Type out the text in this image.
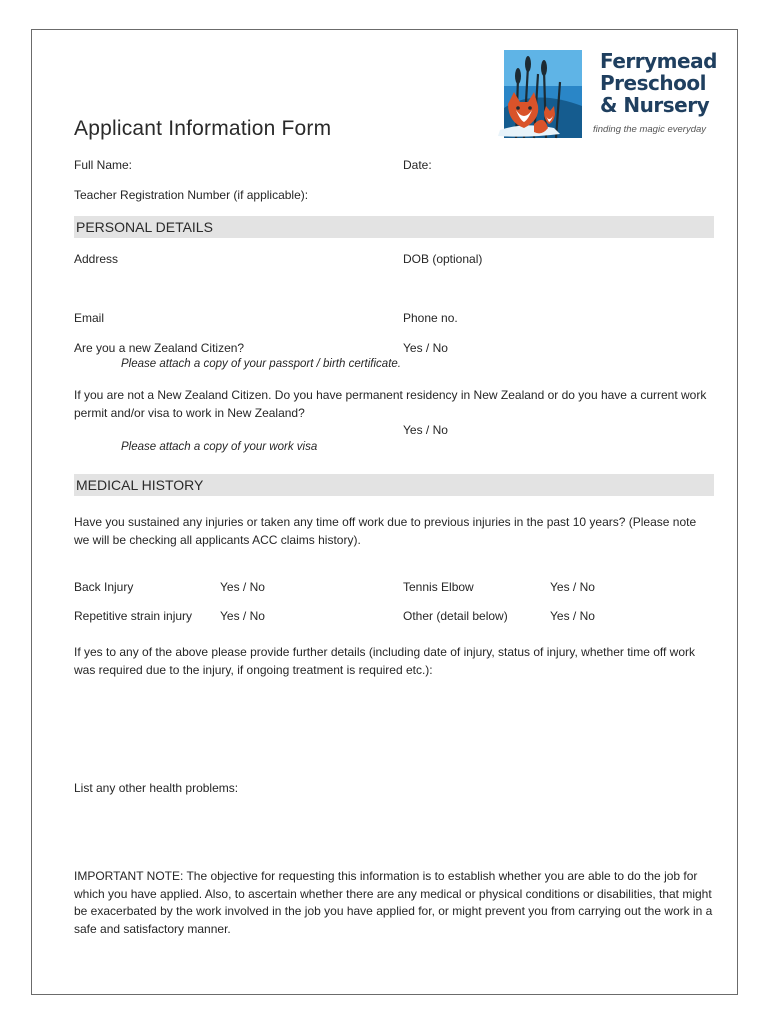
Ferrymead
Preschool
& Nursery
finding the magic everyday
Applicant Information Form
Full Name:	Date:
Teacher Registration Number (if applicable):
PERSONAL DETAILS
Address	DOB (optional)
Email	Phone no.
Are you a new Zealand Citizen?	Yes / No
Please attach a copy of your passport / birth certificate.
If you are not a New Zealand Citizen. Do you have permanent residency in New Zealand or do you have a current work permit and/or visa to work in New Zealand?
Yes / No
Please attach a copy of your work visa
MEDICAL HISTORY
Have you sustained any injuries or taken any time off work due to previous injuries in the past 10 years? (Please note we will be checking all applicants ACC claims history).
Back Injury	Yes / No	Tennis Elbow	Yes / No
Repetitive strain injury Yes / No	Other (detail below)	Yes / No
If yes to any of the above please provide further details (including date of injury, status of injury, whether time off work was required due to the injury, if ongoing treatment is required etc.):
List any other health problems:
IMPORTANT NOTE: The objective for requesting this information is to establish whether you are able to do the job for which you have applied. Also, to ascertain whether there are any medical or physical conditions or disabilities, that might be exacerbated by the work involved in the job you have applied for, or might prevent you from carrying out the work in a safe and satisfactory manner.
